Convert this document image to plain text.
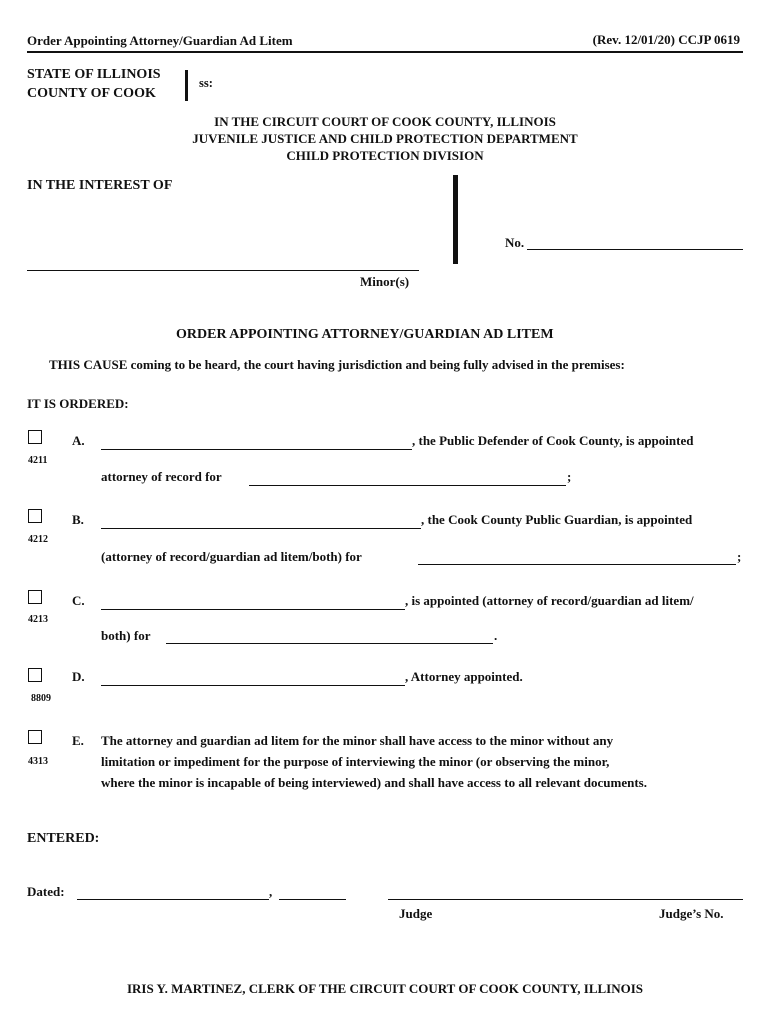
Order Appointing Attorney/Guardian Ad Litem	(Rev. 12/01/20) CCJP 0619
STATE OF ILLINOIS
COUNTY OF COOK
ss:
IN THE CIRCUIT COURT OF COOK COUNTY, ILLINOIS
JUVENILE JUSTICE AND CHILD PROTECTION DEPARTMENT
CHILD PROTECTION DIVISION
IN THE INTEREST OF
No.
Minor(s)
ORDER APPOINTING ATTORNEY/GUARDIAN AD LITEM
THIS CAUSE coming to be heard, the court having jurisdiction and being fully advised in the premises:
IT IS ORDERED:
4211
A.	, the Public Defender of Cook County, is appointed
attorney of record for	;
4212
B.	, the Cook County Public Guardian, is appointed
(attorney of record/guardian ad litem/both) for	;
4213
C.	, is appointed (attorney of record/guardian ad litem/
both) for	.
8809
D.	, Attorney appointed.
4313
E. The attorney and guardian ad litem for the minor shall have access to the minor without any
limitation or impediment for the purpose of interviewing the minor (or observing the minor,
where the minor is incapable of being interviewed) and shall have access to all relevant documents.
ENTERED:
Dated:	,
Judge	Judge’s No.
IRIS Y. MARTINEZ, CLERK OF THE CIRCUIT COURT OF COOK COUNTY, ILLINOIS
